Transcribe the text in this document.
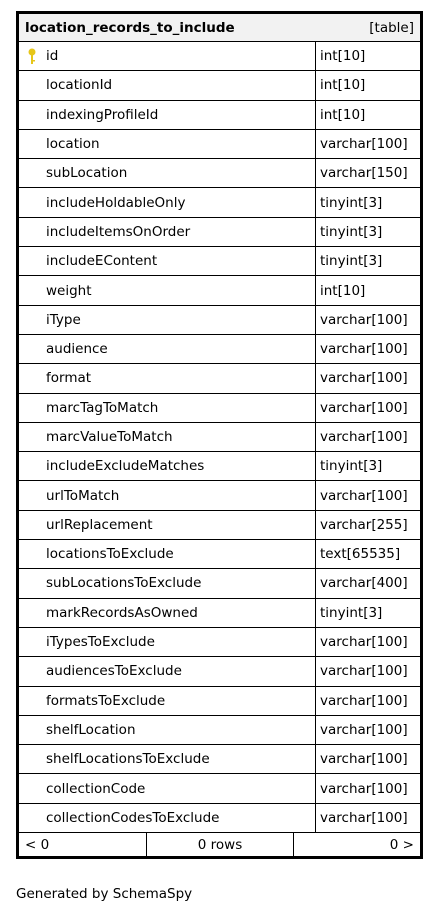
location_records_to_include	[table]
id	int[10]
locationId	int[10]
indexingProfileId	int[10]
location	varchar[100]
subLocation	varchar[150]
includeHoldableOnly	tinyint[3]
includeItemsOnOrder	tinyint[3]
includeEContent	tinyint[3]
weight	int[10]
iType	varchar[100]
audience	varchar[100]
format	varchar[100]
marcTagToMatch	varchar[100]
marcValueToMatch	varchar[100]
includeExcludeMatches	tinyint[3]
urlToMatch	varchar[100]
urlReplacement	varchar[255]
locationsToExclude	text[65535]
subLocationsToExclude	varchar[400]
markRecordsAsOwned	tinyint[3]
iTypesToExclude	varchar[100]
audiencesToExclude	varchar[100]
formatsToExclude	varchar[100]
shelfLocation	varchar[100]
shelfLocationsToExclude	varchar[100]
collectionCode	varchar[100]
collectionCodesToExclude	varchar[100]
< 0	0 rows	0 >
Generated by SchemaSpy
